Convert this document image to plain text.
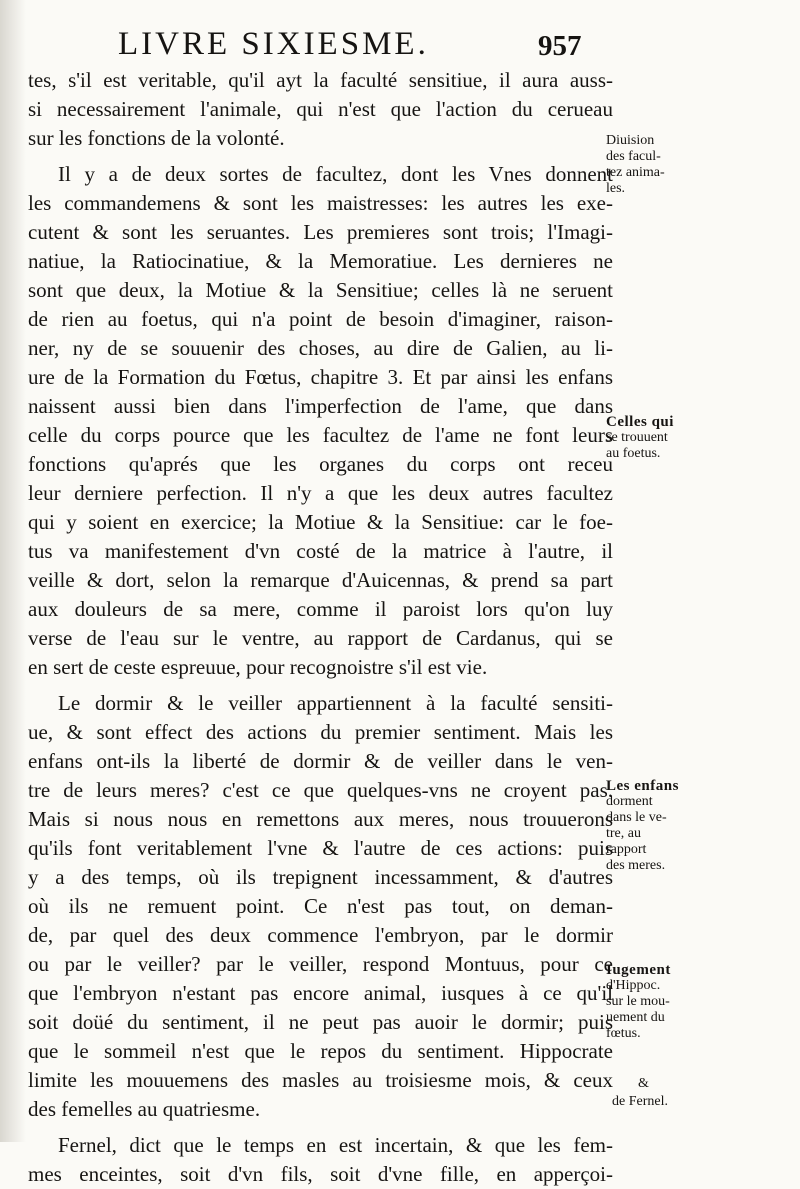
LIVRE SIXIESME.	957
tes, s'il est veritable, qu'il ayt la faculté sensitiue, il aura auss-
si necessairement l'animale, qui n'est que l'action du cerueau
sur les fonctions de la volonté.
Il y a de deux sortes de facultez, dont les Vnes donnent
les commandemens & sont les maistresses: les autres les exe-
cutent & sont les seruantes. Les premieres sont trois; l'Imagi-
natiue, la Ratiocinatiue, & la Memoratiue. Les dernieres ne
sont que deux, la Motiue & la Sensitiue; celles là ne seruent
de rien au foetus, qui n'a point de besoin d'imaginer, raison-
ner, ny de se souuenir des choses, au dire de Galien, au li-
ure de la Formation du Fœtus, chapitre 3. Et par ainsi les enfans
naissent aussi bien dans l'imperfection de l'ame, que dans
celle du corps pource que les facultez de l'ame ne font leurs
fonctions qu'aprés que les organes du corps ont receu
leur derniere perfection. Il n'y a que les deux autres facultez
qui y soient en exercice; la Motiue & la Sensitiue: car le foe-
tus va manifestement d'vn costé de la matrice à l'autre, il
veille & dort, selon la remarque d'Auicennas, & prend sa part
aux douleurs de sa mere, comme il paroist lors qu'on luy
verse de l'eau sur le ventre, au rapport de Cardanus, qui se
en sert de ceste espreuue, pour recognoistre s'il est vie.
Le dormir & le veiller appartiennent à la faculté sensiti-
ue, & sont effect des actions du premier sentiment. Mais les
enfans ont-ils la liberté de dormir & de veiller dans le ven-
tre de leurs meres? c'est ce que quelques-vns ne croyent pas.
Mais si nous nous en remettons aux meres, nous trouuerons
qu'ils font veritablement l'vne & l'autre de ces actions: puis
y a des temps, où ils trepignent incessamment, & d'autres
où ils ne remuent point. Ce n'est pas tout, on deman-
de, par quel des deux commence l'embryon, par le dormir
ou par le veiller? par le veiller, respond Montuus, pour ce
que l'embryon n'estant pas encore animal, iusques à ce qu'il
soit doüé du sentiment, il ne peut pas auoir le dormir; puis
que le sommeil n'est que le repos du sentiment. Hippocrate
limite les mouuemens des masles au troisiesme mois, & ceux
des femelles au quatriesme.
Fernel, dict que le temps en est incertain, & que les fem-
mes enceintes, soit d'vn fils, soit d'vne fille, en apperçoi-
Diuision
des facul-
tez anima-
les.
Celles qui
se trouuent
au foetus.
Les enfans
dorment
dans le ve-
tre, au
rapport
des meres.
Iugement
d'Hippoc.
sur le mou-
uement du
fœtus.
&
de Fernel.
